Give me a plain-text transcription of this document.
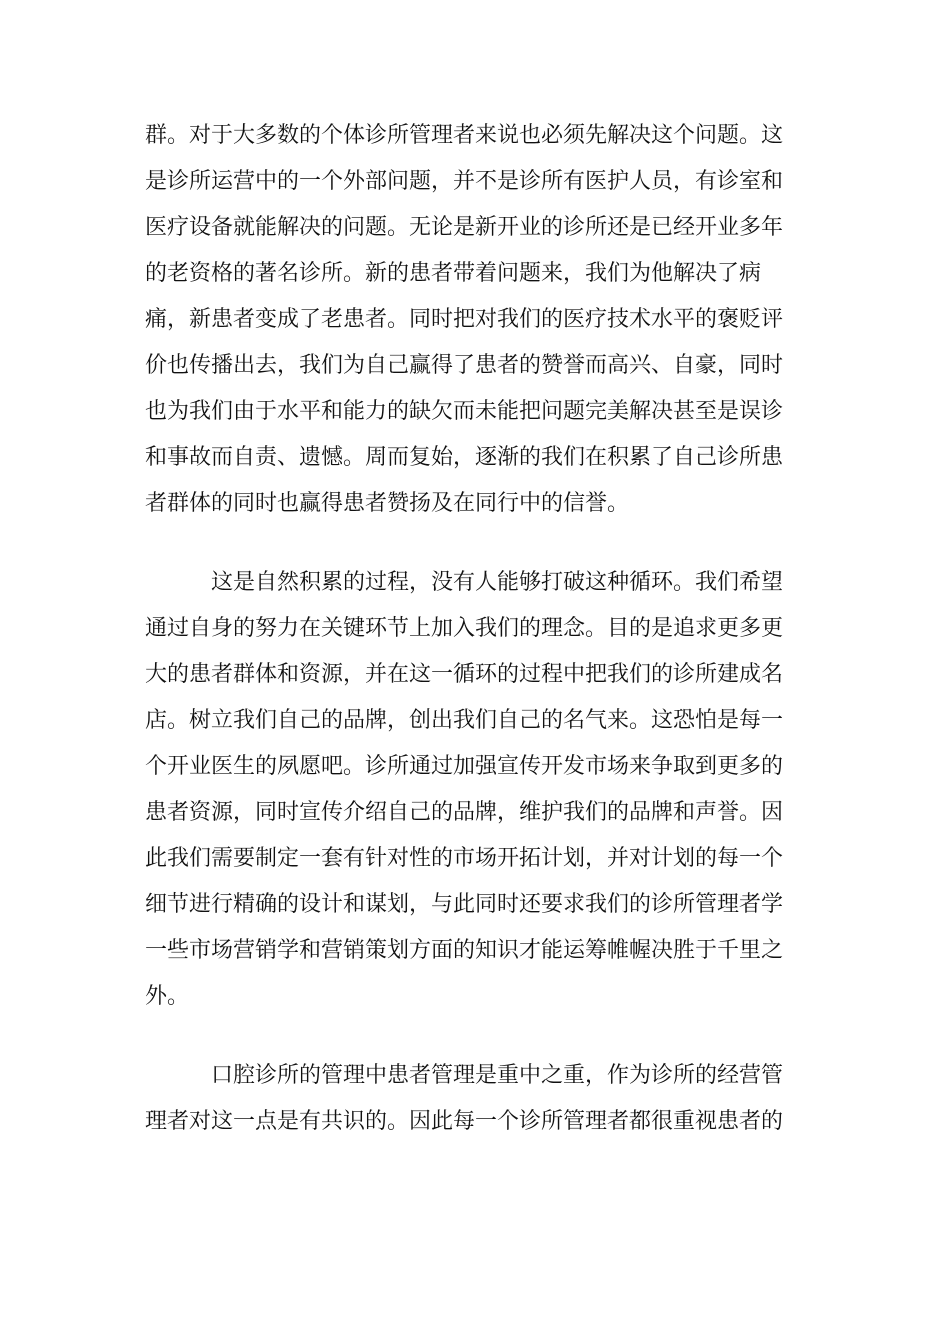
群。对于大多数的个体诊所管理者来说也必须先解决这个问题。这
是诊所运营中的一个外部问题，并不是诊所有医护人员，有诊室和
医疗设备就能解决的问题。无论是新开业的诊所还是已经开业多年
的老资格的著名诊所。新的患者带着问题来，我们为他解决了病
痛，新患者变成了老患者。同时把对我们的医疗技术水平的褒贬评
价也传播出去，我们为自己赢得了患者的赞誉而高兴、自豪，同时
也为我们由于水平和能力的缺欠而未能把问题完美解决甚至是误诊
和事故而自责、遗憾。周而复始，逐渐的我们在积累了自己诊所患
者群体的同时也赢得患者赞扬及在同行中的信誉。
这是自然积累的过程，没有人能够打破这种循环。我们希望
通过自身的努力在关键环节上加入我们的理念。目的是追求更多更
大的患者群体和资源，并在这一循环的过程中把我们的诊所建成名
店。树立我们自己的品牌，创出我们自己的名气来。这恐怕是每一
个开业医生的夙愿吧。诊所通过加强宣传开发市场来争取到更多的
患者资源，同时宣传介绍自己的品牌，维护我们的品牌和声誉。因
此我们需要制定一套有针对性的市场开拓计划，并对计划的每一个
细节进行精确的设计和谋划，与此同时还要求我们的诊所管理者学
一些市场营销学和营销策划方面的知识才能运筹帷幄决胜于千里之
外。
口腔诊所的管理中患者管理是重中之重，作为诊所的经营管
理者对这一点是有共识的。因此每一个诊所管理者都很重视患者的
